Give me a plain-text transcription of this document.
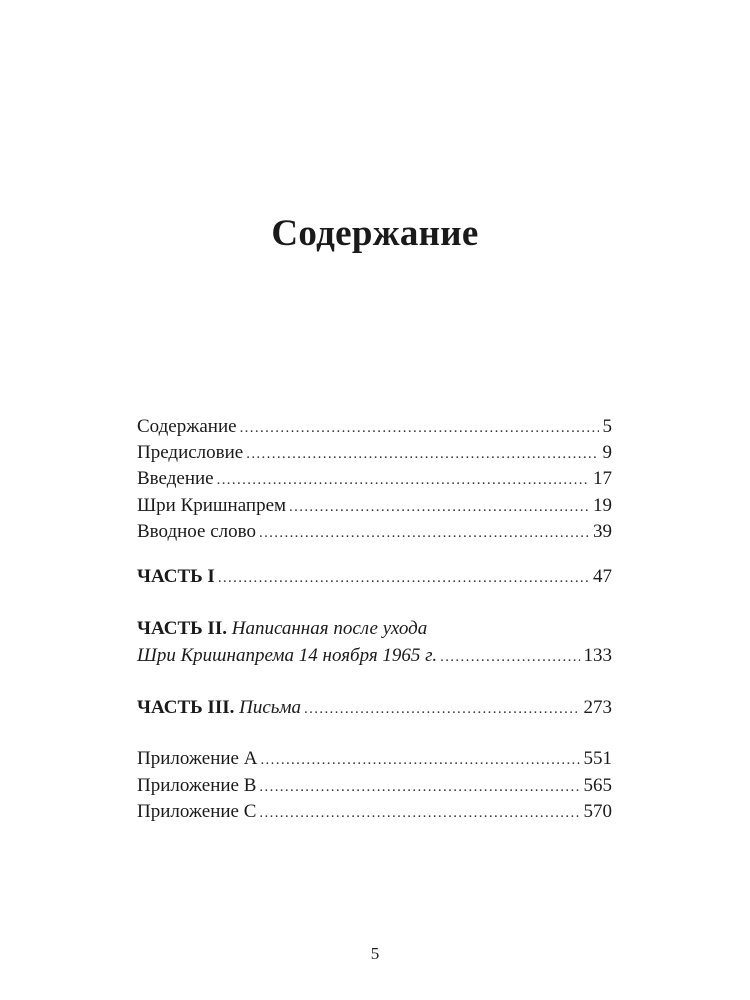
Содержание
Содержание . . .	5
Предисловие . . .	9
Введение . . .	17
Шри Кришнапрем . . .	19
Вводное слово . . .	39
ЧАСТЬ I . . .	47
ЧАСТЬ II. Написанная после ухода
Шри Кришнапрема 14 ноября 1965 г. . . .	133
ЧАСТЬ III. Письма . . .	273
Приложение А . . .	551
Приложение В . . .	565
Приложение С . . .	570
5
